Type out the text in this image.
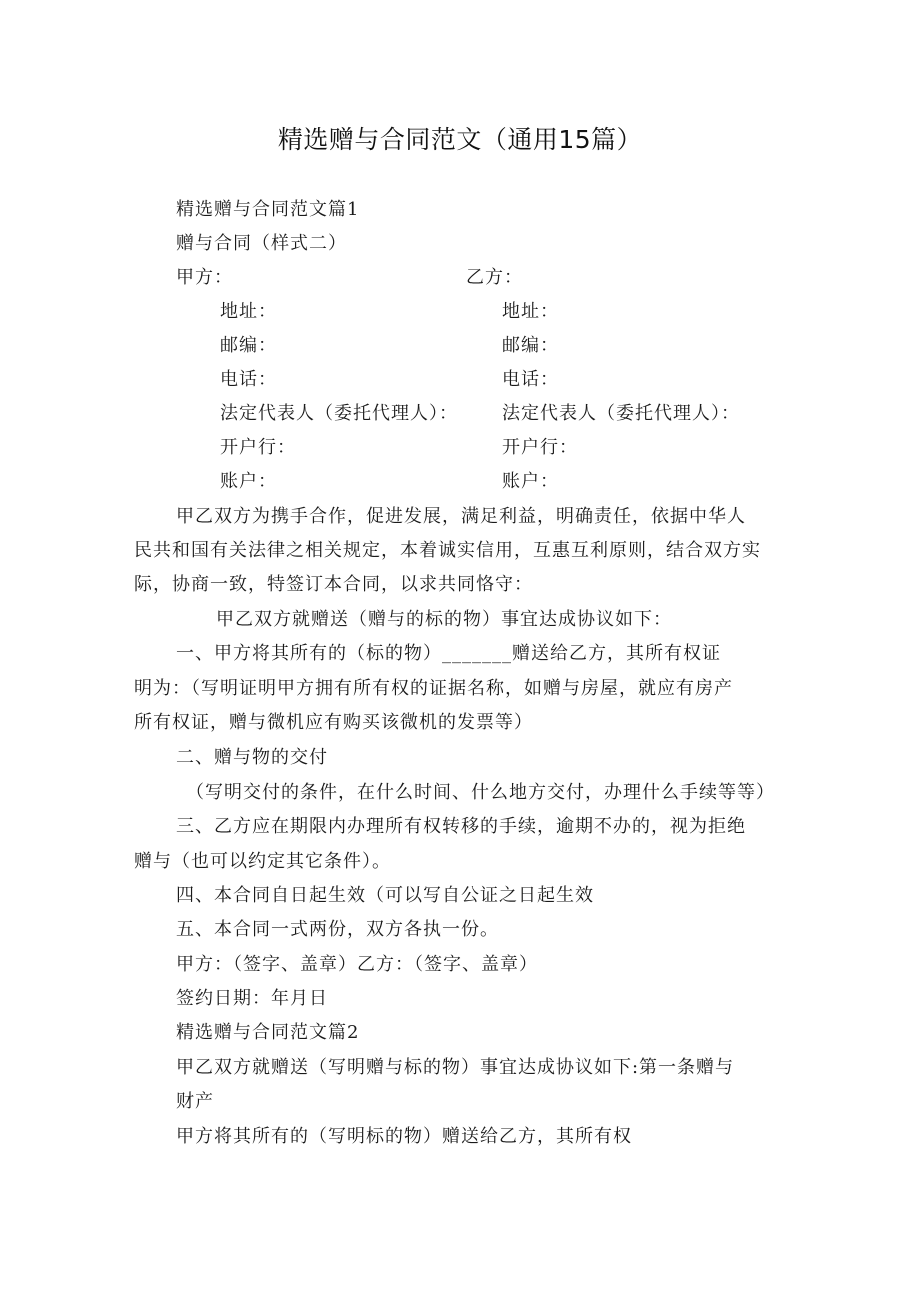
精选赠与合同范文（通用15篇）
精选赠与合同范文篇1
赠与合同（样式二）
甲方：	乙方：
地址：	地址：
邮编：	邮编：
电话：	电话：
法定代表人（委托代理人）： 法定代表人（委托代理人）：
开户行：	开户行：
账户：	账户：
甲乙双方为携手合作，促进发展，满足利益，明确责任，依据中华人
民共和国有关法律之相关规定，本着诚实信用，互惠互利原则，结合双方实
际，协商一致，特签订本合同，以求共同恪守：
甲乙双方就赠送（赠与的标的物）事宜达成协议如下：
一、甲方将其所有的（标的物）_______赠送给乙方，其所有权证
明为：（写明证明甲方拥有所有权的证据名称，如赠与房屋，就应有房产
所有权证，赠与微机应有购买该微机的发票等）
二、赠与物的交付
（写明交付的条件，在什么时间、什么地方交付，办理什么手续等等）
三、乙方应在期限内办理所有权转移的手续，逾期不办的，视为拒绝
赠与（也可以约定其它条件）。
四、本合同自日起生效（可以写自公证之日起生效
五、本合同一式两份，双方各执一份。
甲方：（签字、盖章）乙方：（签字、盖章）
签约日期：年月日
精选赠与合同范文篇2
甲乙双方就赠送（写明赠与标的物）事宜达成协议如下:第一条赠与
财产
甲方将其所有的（写明标的物）赠送给乙方，其所有权
